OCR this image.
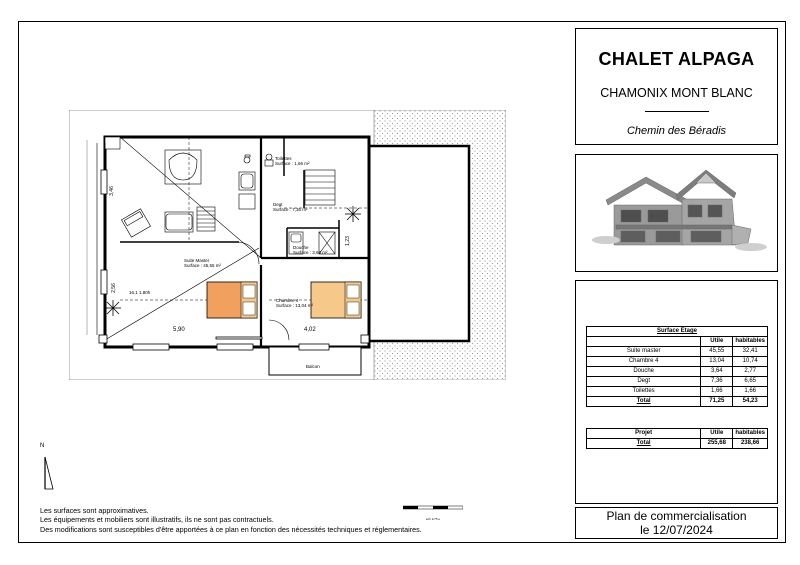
Toilettes
Surface : 1,66 m²
Degt
Surface : 7,36 m²
Douche
Surface : 3,64 m²
Suite Master
Surface : 45,55 m²
Chambre 4
Surface : 13,04 m²
Balcon
5,90	4,02
3,46
2,56
1,23
16.1 1.80h
CHALET ALPAGA
CHAMONIX MONT BLANC
Chemin des Béradis
Surface Etage		
	Utile	habitables
Suite master	45,55	32,41
Chambre 4	13,04	10,74
Douche	3,64	2,77
Degt	7,36	6,65
Toilettes	1,66	1,66
Total	71,25	54,23
Projet	Utile	habitables
Total	255,68	238,66
Plan de commercialisation
le 12/07/2024
N
éch 1/75 e
Les surfaces sont approximatives.
Les équipements et mobiliers sont illustratifs, ils ne sont pas contractuels.
Des modifications sont susceptibles d'être apportées à ce plan en fonction des nécessités techniques et réglementaires.
